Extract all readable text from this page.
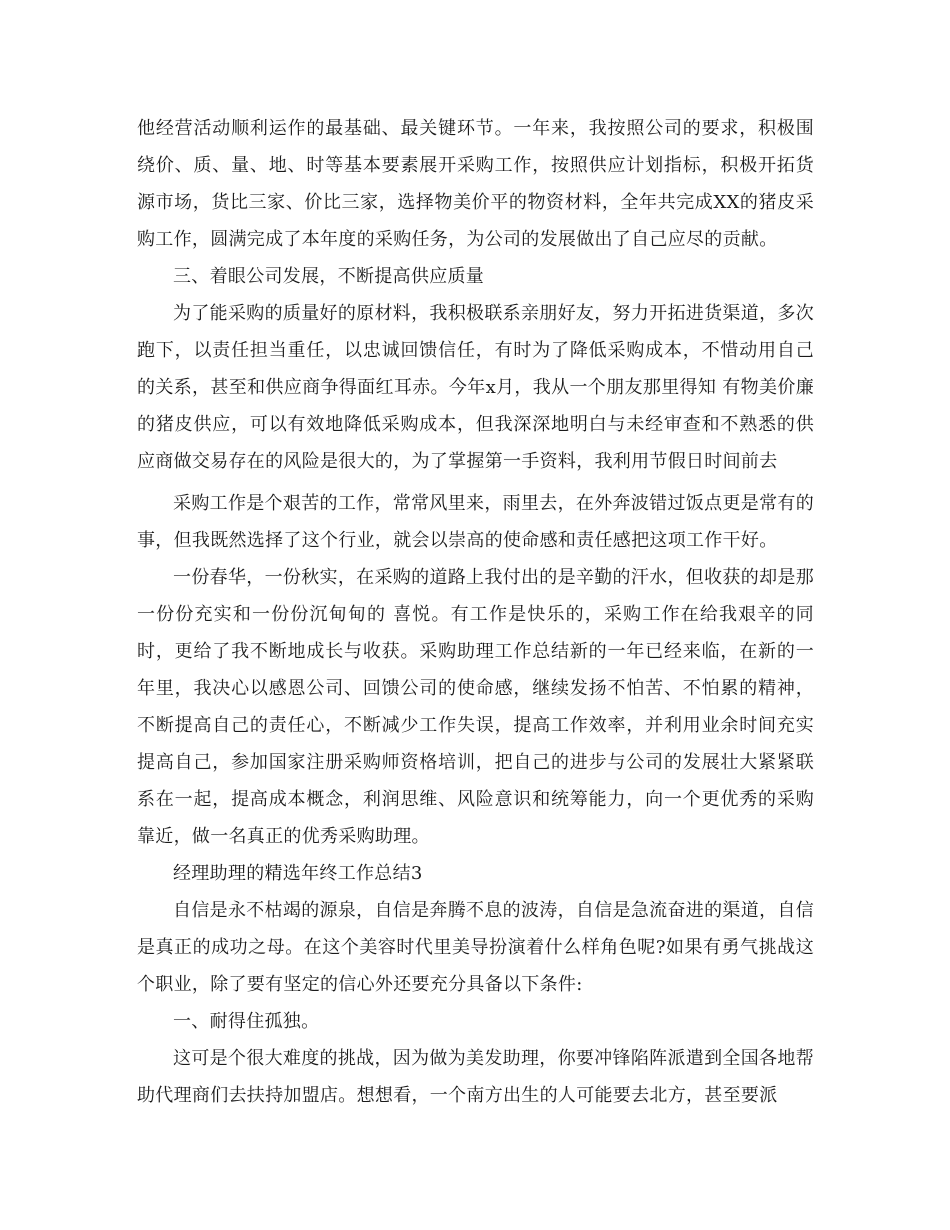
他经营活动顺利运作的最基础、最关键环节。一年来，我按照公司的要求，积极围绕价、质、量、地、时等基本要素展开采购工作，按照供应计划指标，积极开拓货源市场，货比三家、价比三家，选择物美价平的物资材料，全年共完成XX的猪皮采购工作，圆满完成了本年度的采购任务，为公司的发展做出了自己应尽的贡献。

三、着眼公司发展，不断提高供应质量

为了能采购的质量好的原材料，我积极联系亲朋好友，努力开拓进货渠道，多次跑下，以责任担当重任，以忠诚回馈信任，有时为了降低采购成本，不惜动用自己的关系，甚至和供应商争得面红耳赤。今年x月，我从一个朋友那里得知 有物美价廉的猪皮供应，可以有效地降低采购成本，但我深深地明白与未经审查和不熟悉的供应商做交易存在的风险是很大的，为了掌握第一手资料，我利用节假日时间前去

采购工作是个艰苦的工作，常常风里来，雨里去，在外奔波错过饭点更是常有的事，但我既然选择了这个行业，就会以崇高的使命感和责任感把这项工作干好。

一份春华，一份秋实，在采购的道路上我付出的是辛勤的汗水，但收获的却是那一份份充实和一份份沉甸甸的 喜悦。有工作是快乐的，采购工作在给我艰辛的同时，更给了我不断地成长与收获。采购助理工作总结新的一年已经来临，在新的一年里，我决心以感恩公司、回馈公司的使命感，继续发扬不怕苦、不怕累的精神，不断提高自己的责任心，不断减少工作失误，提高工作效率，并利用业余时间充实提高自己，参加国家注册采购师资格培训，把自己的进步与公司的发展壮大紧紧联系在一起，提高成本概念，利润思维、风险意识和统筹能力，向一个更优秀的采购靠近，做一名真正的优秀采购助理。

经理助理的精选年终工作总结3

自信是永不枯竭的源泉，自信是奔腾不息的波涛，自信是急流奋进的渠道，自信是真正的成功之母。在这个美容时代里美导扮演着什么样角色呢?如果有勇气挑战这个职业，除了要有坚定的信心外还要充分具备以下条件:

一、耐得住孤独。

这可是个很大难度的挑战，因为做为美发助理，你要冲锋陷阵派遣到全国各地帮助代理商们去扶持加盟店。想想看，一个南方出生的人可能要去北方，甚至要派
